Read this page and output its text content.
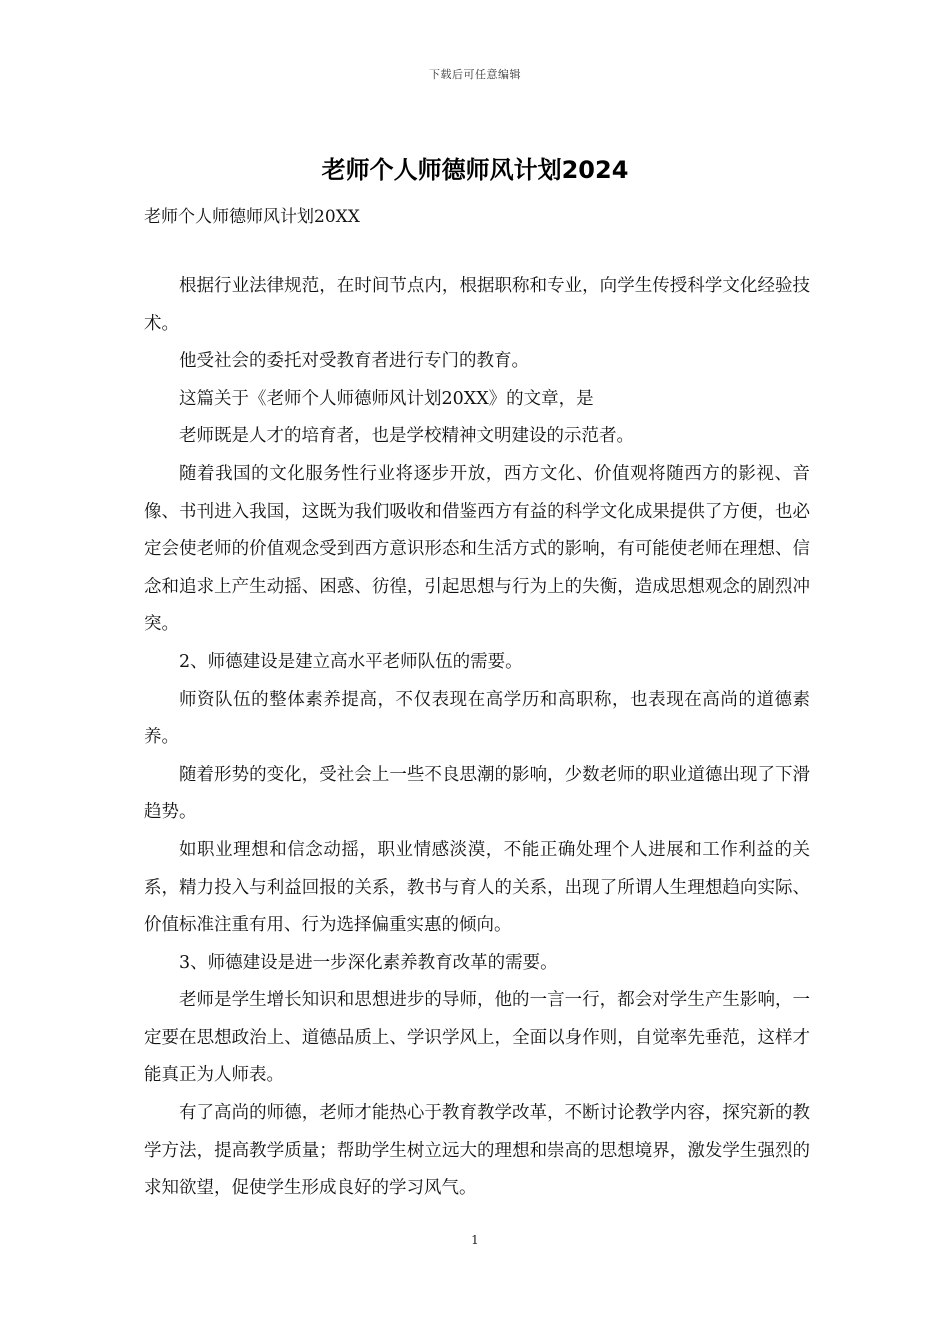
下载后可任意编辑
老师个人师德师风计划2024
老师个人师德师风计划20XX

根据行业法律规范，在时间节点内，根据职称和专业，向学生传授科学文化经验技术。

他受社会的委托对受教育者进行专门的教育。

这篇关于《老师个人师德师风计划20XX》的文章，是

老师既是人才的培育者，也是学校精神文明建设的示范者。

随着我国的文化服务性行业将逐步开放，西方文化、价值观将随西方的影视、音像、书刊进入我国，这既为我们吸收和借鉴西方有益的科学文化成果提供了方便，也必定会使老师的价值观念受到西方意识形态和生活方式的影响，有可能使老师在理想、信念和追求上产生动摇、困惑、彷徨，引起思想与行为上的失衡，造成思想观念的剧烈冲突。

2、师德建设是建立高水平老师队伍的需要。

师资队伍的整体素养提高，不仅表现在高学历和高职称，也表现在高尚的道德素养。

随着形势的变化，受社会上一些不良思潮的影响，少数老师的职业道德出现了下滑趋势。

如职业理想和信念动摇，职业情感淡漠，不能正确处理个人进展和工作利益的关系，精力投入与利益回报的关系，教书与育人的关系，出现了所谓人生理想趋向实际、价值标准注重有用、行为选择偏重实惠的倾向。

3、师德建设是进一步深化素养教育改革的需要。

老师是学生增长知识和思想进步的导师，他的一言一行，都会对学生产生影响，一定要在思想政治上、道德品质上、学识学风上，全面以身作则，自觉率先垂范，这样才能真正为人师表。

有了高尚的师德，老师才能热心于教育教学改革，不断讨论教学内容，探究新的教学方法，提高教学质量；帮助学生树立远大的理想和崇高的思想境界，激发学生强烈的求知欲望，促使学生形成良好的学习风气。

1
